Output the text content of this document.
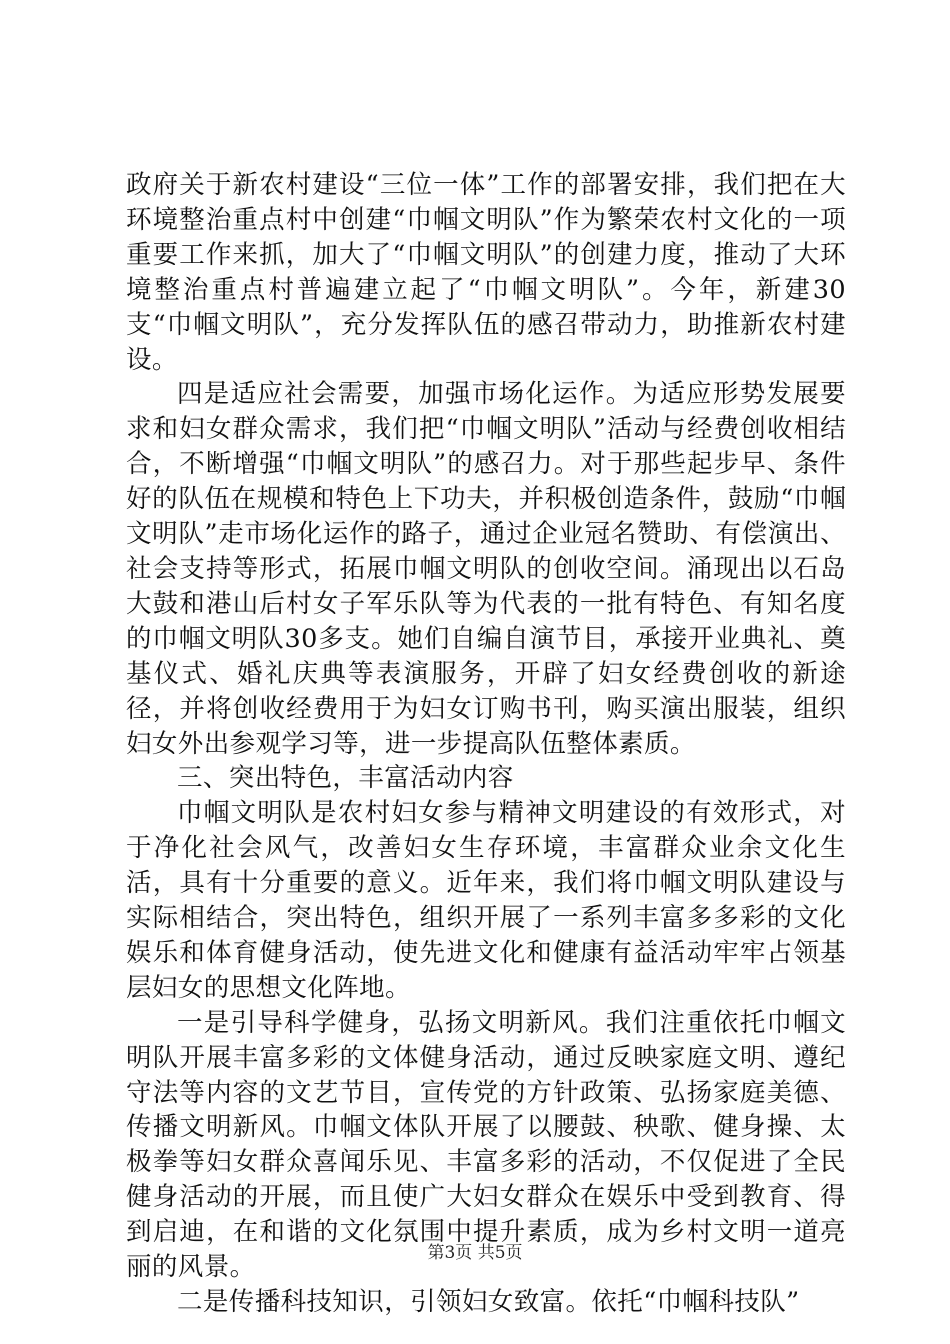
政府关于新农村建设“三位一体”工作的部署安排，我们把在大环境整治重点村中创建“巾帼文明队”作为繁荣农村文化的一项重要工作来抓，加大了“巾帼文明队”的创建力度，推动了大环境整治重点村普遍建立起了“巾帼文明队”。今年，新建30支“巾帼文明队”，充分发挥队伍的感召带动力，助推新农村建设。

四是适应社会需要，加强市场化运作。为适应形势发展要求和妇女群众需求，我们把“巾帼文明队”活动与经费创收相结合，不断增强“巾帼文明队”的感召力。对于那些起步早、条件好的队伍在规模和特色上下功夫，并积极创造条件，鼓励“巾帼文明队”走市场化运作的路子，通过企业冠名赞助、有偿演出、社会支持等形式，拓展巾帼文明队的创收空间。涌现出以石岛大鼓和港山后村女子军乐队等为代表的一批有特色、有知名度的巾帼文明队30多支。她们自编自演节目，承接开业典礼、奠基仪式、婚礼庆典等表演服务，开辟了妇女经费创收的新途径，并将创收经费用于为妇女订购书刊，购买演出服装，组织妇女外出参观学习等，进一步提高队伍整体素质。

三、突出特色，丰富活动内容

巾帼文明队是农村妇女参与精神文明建设的有效形式，对于净化社会风气，改善妇女生存环境，丰富群众业余文化生活，具有十分重要的意义。近年来，我们将巾帼文明队建设与实际相结合，突出特色，组织开展了一系列丰富多多彩的文化娱乐和体育健身活动，使先进文化和健康有益活动牢牢占领基层妇女的思想文化阵地。

一是引导科学健身，弘扬文明新风。我们注重依托巾帼文明队开展丰富多彩的文体健身活动，通过反映家庭文明、遵纪守法等内容的文艺节目，宣传党的方针政策、弘扬家庭美德、传播文明新风。巾帼文体队开展了以腰鼓、秧歌、健身操、太极拳等妇女群众喜闻乐见、丰富多彩的活动，不仅促进了全民健身活动的开展，而且使广大妇女群众在娱乐中受到教育、得到启迪，在和谐的文化氛围中提升素质，成为乡村文明一道亮丽的风景。

二是传播科技知识，引领妇女致富。依托“巾帼科技队”

第3页 共5页
